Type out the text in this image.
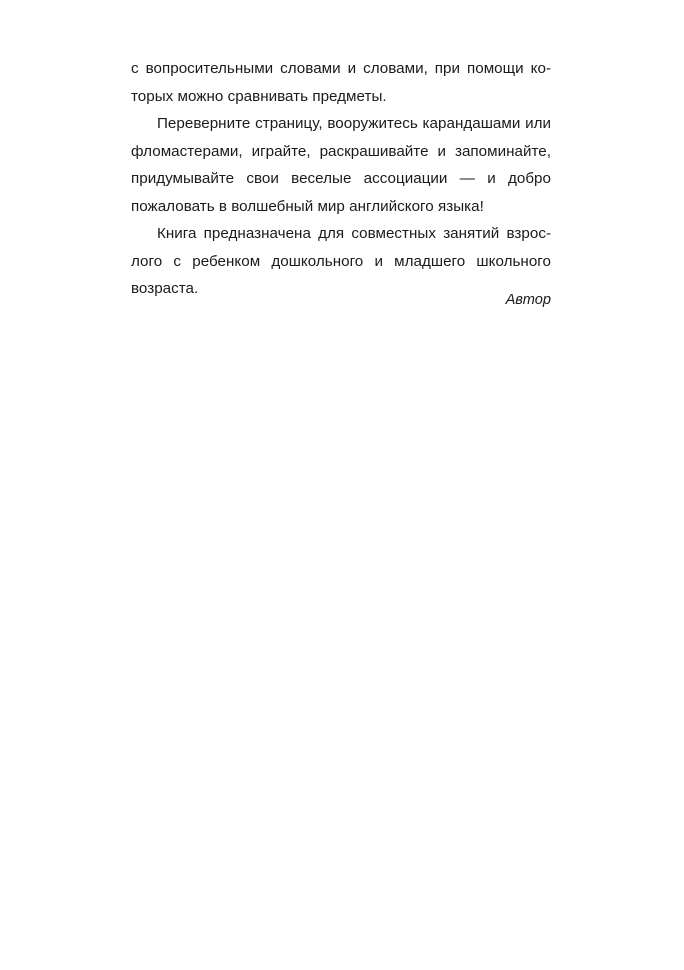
с вопросительными словами и словами, при помощи которых можно сравнивать предметы.

Переверните страницу, вооружитесь карандашами или фломастерами, играйте, раскрашивайте и запоминайте, придумывайте свои веселые ассоциации — и добро пожаловать в волшебный мир английского языка!

Книга предназначена для совместных занятий взрослого с ребенком дошкольного и младшего школьного возраста.

Автор
